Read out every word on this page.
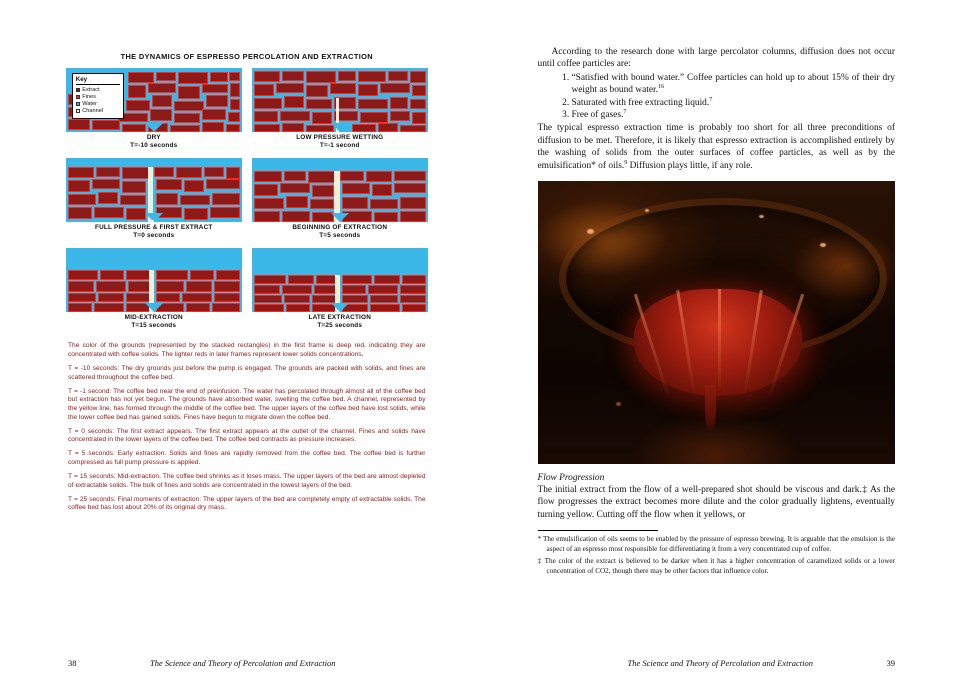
THE DYNAMICS OF ESPRESSO PERCOLATION AND EXTRACTION
Key
Extract
Fines
Water
Channel
DRY
T=-10 seconds
LOW PRESSURE WETTING
T=-1 second
FULL PRESSURE & FIRST EXTRACT
T=0 seconds
BEGINNING OF EXTRACTION
T=5 seconds
MID-EXTRACTION
T=15 seconds
LATE EXTRACTION
T=25 seconds

The color of the grounds (represented by the stacked rectangles) in the first frame is deep red, indicating they are concentrated with coffee solids. The lighter reds in later frames represent lower solids concentrations.

T = -10 seconds: The dry grounds just before the pump is engaged. The grounds are packed with solids, and fines are scattered throughout the coffee bed.

T = -1 second: The coffee bed near the end of preinfusion. The water has percolated through almost all of the coffee bed but extraction has not yet begun. The grounds have absorbed water, swelling the coffee bed. A channel, represented by the yellow line, has formed through the middle of the coffee bed. The upper layers of the coffee bed have lost solids, while the lower coffee bed has gained solids. Fines have begun to migrate down the coffee bed.

T = 0 seconds: The first extract appears. The first extract appears at the outlet of the channel. Fines and solids have concentrated in the lower layers of the coffee bed. The coffee bed contracts as pressure increases.

T = 5 seconds: Early extraction. Solids and fines are rapidly removed from the coffee bed. The coffee bed is further compressed as full pump pressure is applied.

T = 15 seconds: Mid-extraction. The coffee bed shrinks as it loses mass. The upper layers of the bed are almost depleted of extractable solids. The bulk of fines and solids are concentrated in the lowest layers of the bed.

T = 25 seconds: Final moments of extraction: The upper layers of the bed are completely empty of extractable solids. The coffee bed has lost about 20% of its original dry mass.

38	The Science and Theory of Percolation and Extraction

According to the research done with large percolator columns, diffusion does not occur until coffee particles are:

1. “Satisfied with bound water.” Coffee particles can hold up to about 15% of their dry weight as bound water.$^{16}$
2. Saturated with free extracting liquid.$^7$
3. Free of gases.$^7$

The typical espresso extraction time is probably too short for all three preconditions of diffusion to be met. Therefore, it is likely that espresso extraction is accomplished entirely by the washing of solids from the outer surfaces of coffee particles, as well as by the emulsification* of oils.$^9$ Diffusion plays little, if any role.

Flow Progression

The initial extract from the flow of a well-prepared shot should be viscous and dark.‡ As the flow progresses the extract becomes more dilute and the color gradually lightens, eventually turning yellow. Cutting off the flow when it yellows, or

* The emulsification of oils seems to be enabled by the pressure of espresso brewing. It is arguable that the emulsion is the aspect of an espresso most responsible for differentiating it from a very concentrated cup of coffee.

‡ The color of the extract is believed to be darker when it has a higher concentration of caramelized solids or a lower concentration of CO2, though there may be other factors that influence color.

39
The Science and Theory of Percolation and Extraction
